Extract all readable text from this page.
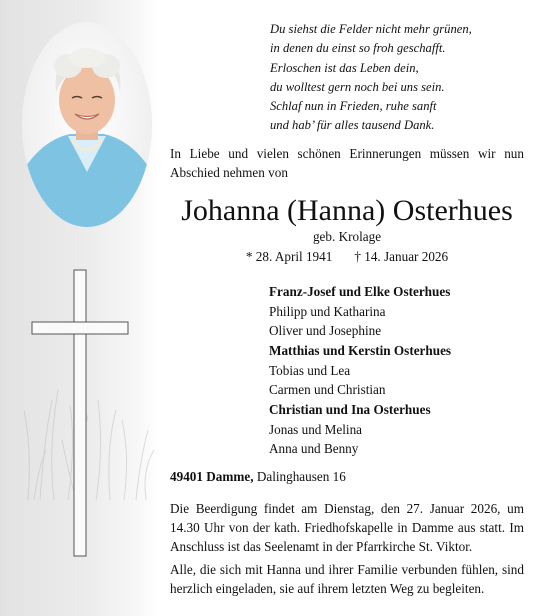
Du siehst die Felder nicht mehr grünen,
in denen du einst so froh geschafft.
Erloschen ist das Leben dein,
du wolltest gern noch bei uns sein.
Schlaf nun in Frieden, ruhe sanft
und hab’ für alles tausend Dank.
In Liebe und vielen schönen Erinnerungen müssen wir nun Abschied nehmen von
Johanna (Hanna) Osterhues
geb. Krolage
* 28. April 1941 † 14. Januar 2026
Franz-Josef und Elke Osterhues
Philipp und Katharina
Oliver und Josephine
Matthias und Kerstin Osterhues
Tobias und Lea
Carmen und Christian
Christian und Ina Osterhues
Jonas und Melina
Anna und Benny
49401 Damme, Dalinghausen 16
Die Beerdigung findet am Dienstag, den 27. Januar 2026, um 14.30 Uhr von der kath. Friedhofskapelle in Damme aus statt. Im Anschluss ist das Seelenamt in der Pfarrkirche St. Viktor.
Alle, die sich mit Hanna und ihrer Familie verbunden fühlen, sind herzlich eingeladen, sie auf ihrem letzten Weg zu begleiten.
